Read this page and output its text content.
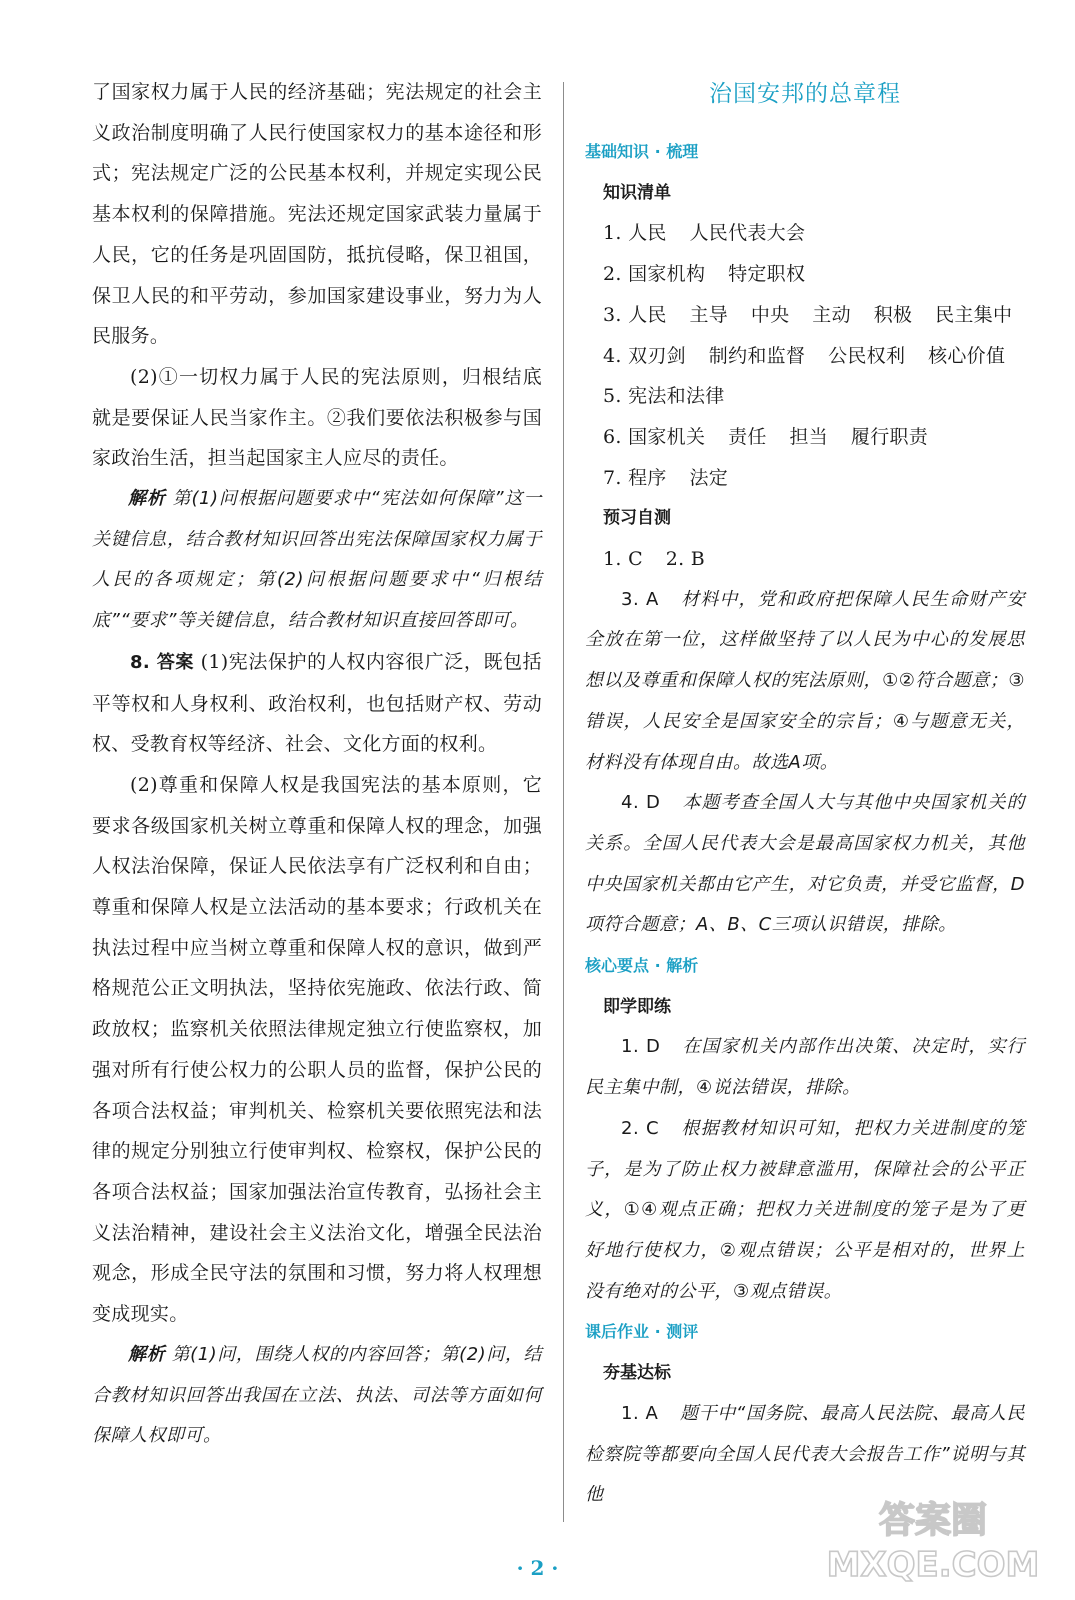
了国家权力属于人民的经济基础；宪法规定的社会主义政治制度明确了人民行使国家权力的基本途径和形式；宪法规定广泛的公民基本权利，并规定实现公民基本权利的保障措施。宪法还规定国家武装力量属于人民，它的任务是巩固国防，抵抗侵略，保卫祖国，保卫人民的和平劳动，参加国家建设事业，努力为人民服务。

(2)①一切权力属于人民的宪法原则，归根结底就是要保证人民当家作主。②我们要依法积极参与国家政治生活，担当起国家主人应尽的责任。

解析 第(1)问根据问题要求中“宪法如何保障”这一关键信息，结合教材知识回答出宪法保障国家权力属于人民的各项规定；第(2)问根据问题要求中“归根结底”“要求”等关键信息，结合教材知识直接回答即可。

8. 答案 (1)宪法保护的人权内容很广泛，既包括平等权和人身权利、政治权利，也包括财产权、劳动权、受教育权等经济、社会、文化方面的权利。

(2)尊重和保障人权是我国宪法的基本原则，它要求各级国家机关树立尊重和保障人权的理念，加强人权法治保障，保证人民依法享有广泛权利和自由；尊重和保障人权是立法活动的基本要求；行政机关在执法过程中应当树立尊重和保障人权的意识，做到严格规范公正文明执法，坚持依宪施政、依法行政、简政放权；监察机关依照法律规定独立行使监察权，加强对所有行使公权力的公职人员的监督，保护公民的各项合法权益；审判机关、检察机关要依照宪法和法律的规定分别独立行使审判权、检察权，保护公民的各项合法权益；国家加强法治宣传教育，弘扬社会主义法治精神，建设社会主义法治文化，增强全民法治观念，形成全民守法的氛围和习惯，努力将人权理想变成现实。

解析 第(1)问，围绕人权的内容回答；第(2)问，结合教材知识回答出我国在立法、执法、司法等方面如何保障人权即可。

治国安邦的总章程
基础知识 · 梳理
知识清单

1. 人民 人民代表大会

2. 国家机构 特定职权

3. 人民 主导 中央 主动 积极 民主集中

4. 双刃剑 制约和监督 公民权利 核心价值

5. 宪法和法律

6. 国家机关 责任 担当 履行职责

7. 程序 法定

预习自测

1. C 2. B

3. A 材料中，党和政府把保障人民生命财产安全放在第一位，这样做坚持了以人民为中心的发展思想以及尊重和保障人权的宪法原则，①②符合题意；③错误，人民安全是国家安全的宗旨；④与题意无关，材料没有体现自由。故选A项。

4. D 本题考查全国人大与其他中央国家机关的关系。全国人民代表大会是最高国家权力机关，其他中央国家机关都由它产生，对它负责，并受它监督，D项符合题意；A、B、C三项认识错误，排除。

核心要点 · 解析
即学即练

1. D 在国家机关内部作出决策、决定时，实行民主集中制，④说法错误，排除。

2. C 根据教材知识可知，把权力关进制度的笼子，是为了防止权力被肆意滥用，保障社会的公平正义，①④观点正确；把权力关进制度的笼子是为了更好地行使权力，②观点错误；公平是相对的，世界上没有绝对的公平，③观点错误。

课后作业 · 测评
夯基达标

1. A 题干中“国务院、最高人民法院、最高人民检察院等都要向全国人民代表大会报告工作”说明与其他

· 2 ·
答案圈
MXQE.COM
